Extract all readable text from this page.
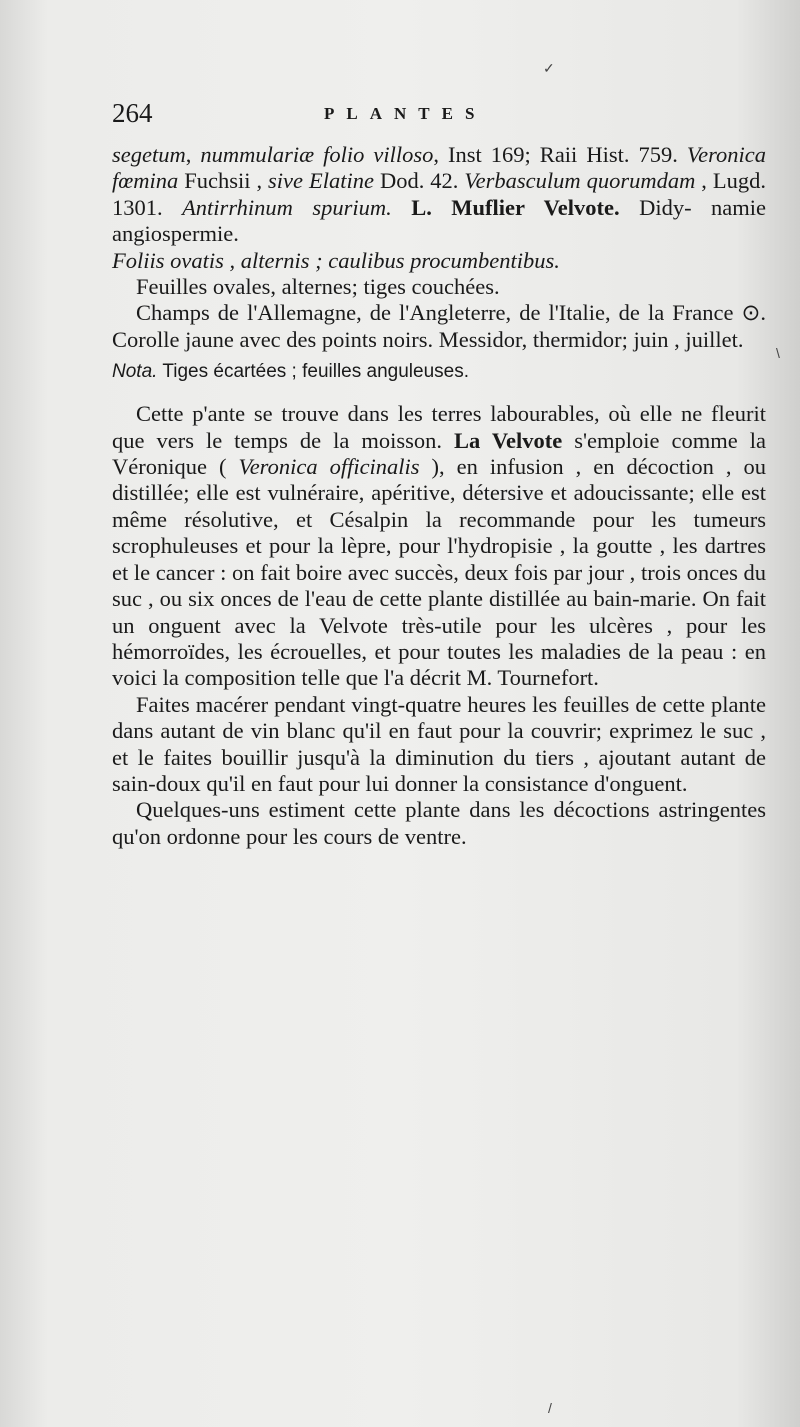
✓
\
/
264	PLANTES

segetum, nummulariæ folio villoso, Inst 169; Raii Hist. 759. Veronica fœmina Fuchsii , sive Elatine Dod. 42. Verbasculum quorumdam , Lugd. 1301. Antirrhinum spurium. L. Muflier Velvote. Didy- namie angiospermie.

Foliis ovatis , alternis ; caulibus procumbentibus.

Feuilles ovales, alternes; tiges couchées.

Champs de l'Allemagne, de l'Angleterre, de l'Italie, de la France ⊙. Corolle jaune avec des points noirs. Messidor, thermidor; juin , juillet.

Nota. Tiges écartées ; feuilles anguleuses.

Cette p'ante se trouve dans les terres labourables, où elle ne fleurit que vers le temps de la moisson. La Velvote s'emploie comme la Véronique ( Veronica officinalis ), en infusion , en décoction , ou distillée; elle est vulnéraire, apéritive, détersive et adoucissante; elle est même résolutive, et Césalpin la recommande pour les tumeurs scrophuleuses et pour la lèpre, pour l'hydropisie , la goutte , les dartres et le cancer : on fait boire avec succès, deux fois par jour , trois onces du suc , ou six onces de l'eau de cette plante distillée au bain-marie. On fait un onguent avec la Velvote très-utile pour les ulcères , pour les hémorroïdes, les écrouelles, et pour toutes les maladies de la peau : en voici la composition telle que l'a décrit M. Tournefort.

Faites macérer pendant vingt-quatre heures les feuilles de cette plante dans autant de vin blanc qu'il en faut pour la couvrir; exprimez le suc , et le faites bouillir jusqu'à la diminution du tiers , ajoutant autant de sain-doux qu'il en faut pour lui donner la consistance d'onguent.

Quelques-uns estiment cette plante dans les décoctions astringentes qu'on ordonne pour les cours de ventre.
